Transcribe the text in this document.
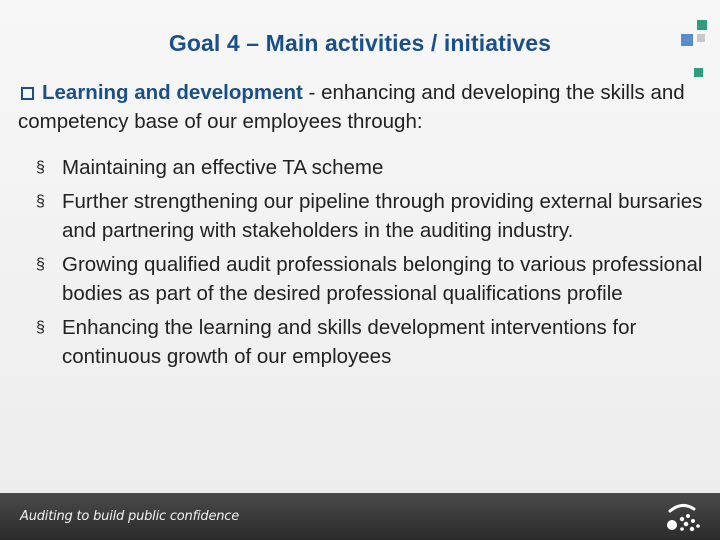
Goal 4 – Main activities / initiatives
Learning and development - enhancing and developing the skills and competency base of our employees through:
§ Maintaining an effective TA scheme
§ Further strengthening our pipeline through providing external bursaries and partnering with stakeholders in the auditing industry.
§ Growing qualified audit professionals belonging to various professional bodies as part of the desired professional qualifications profile
§ Enhancing the learning and skills development interventions for continuous growth of our employees
Auditing to build public confidence
